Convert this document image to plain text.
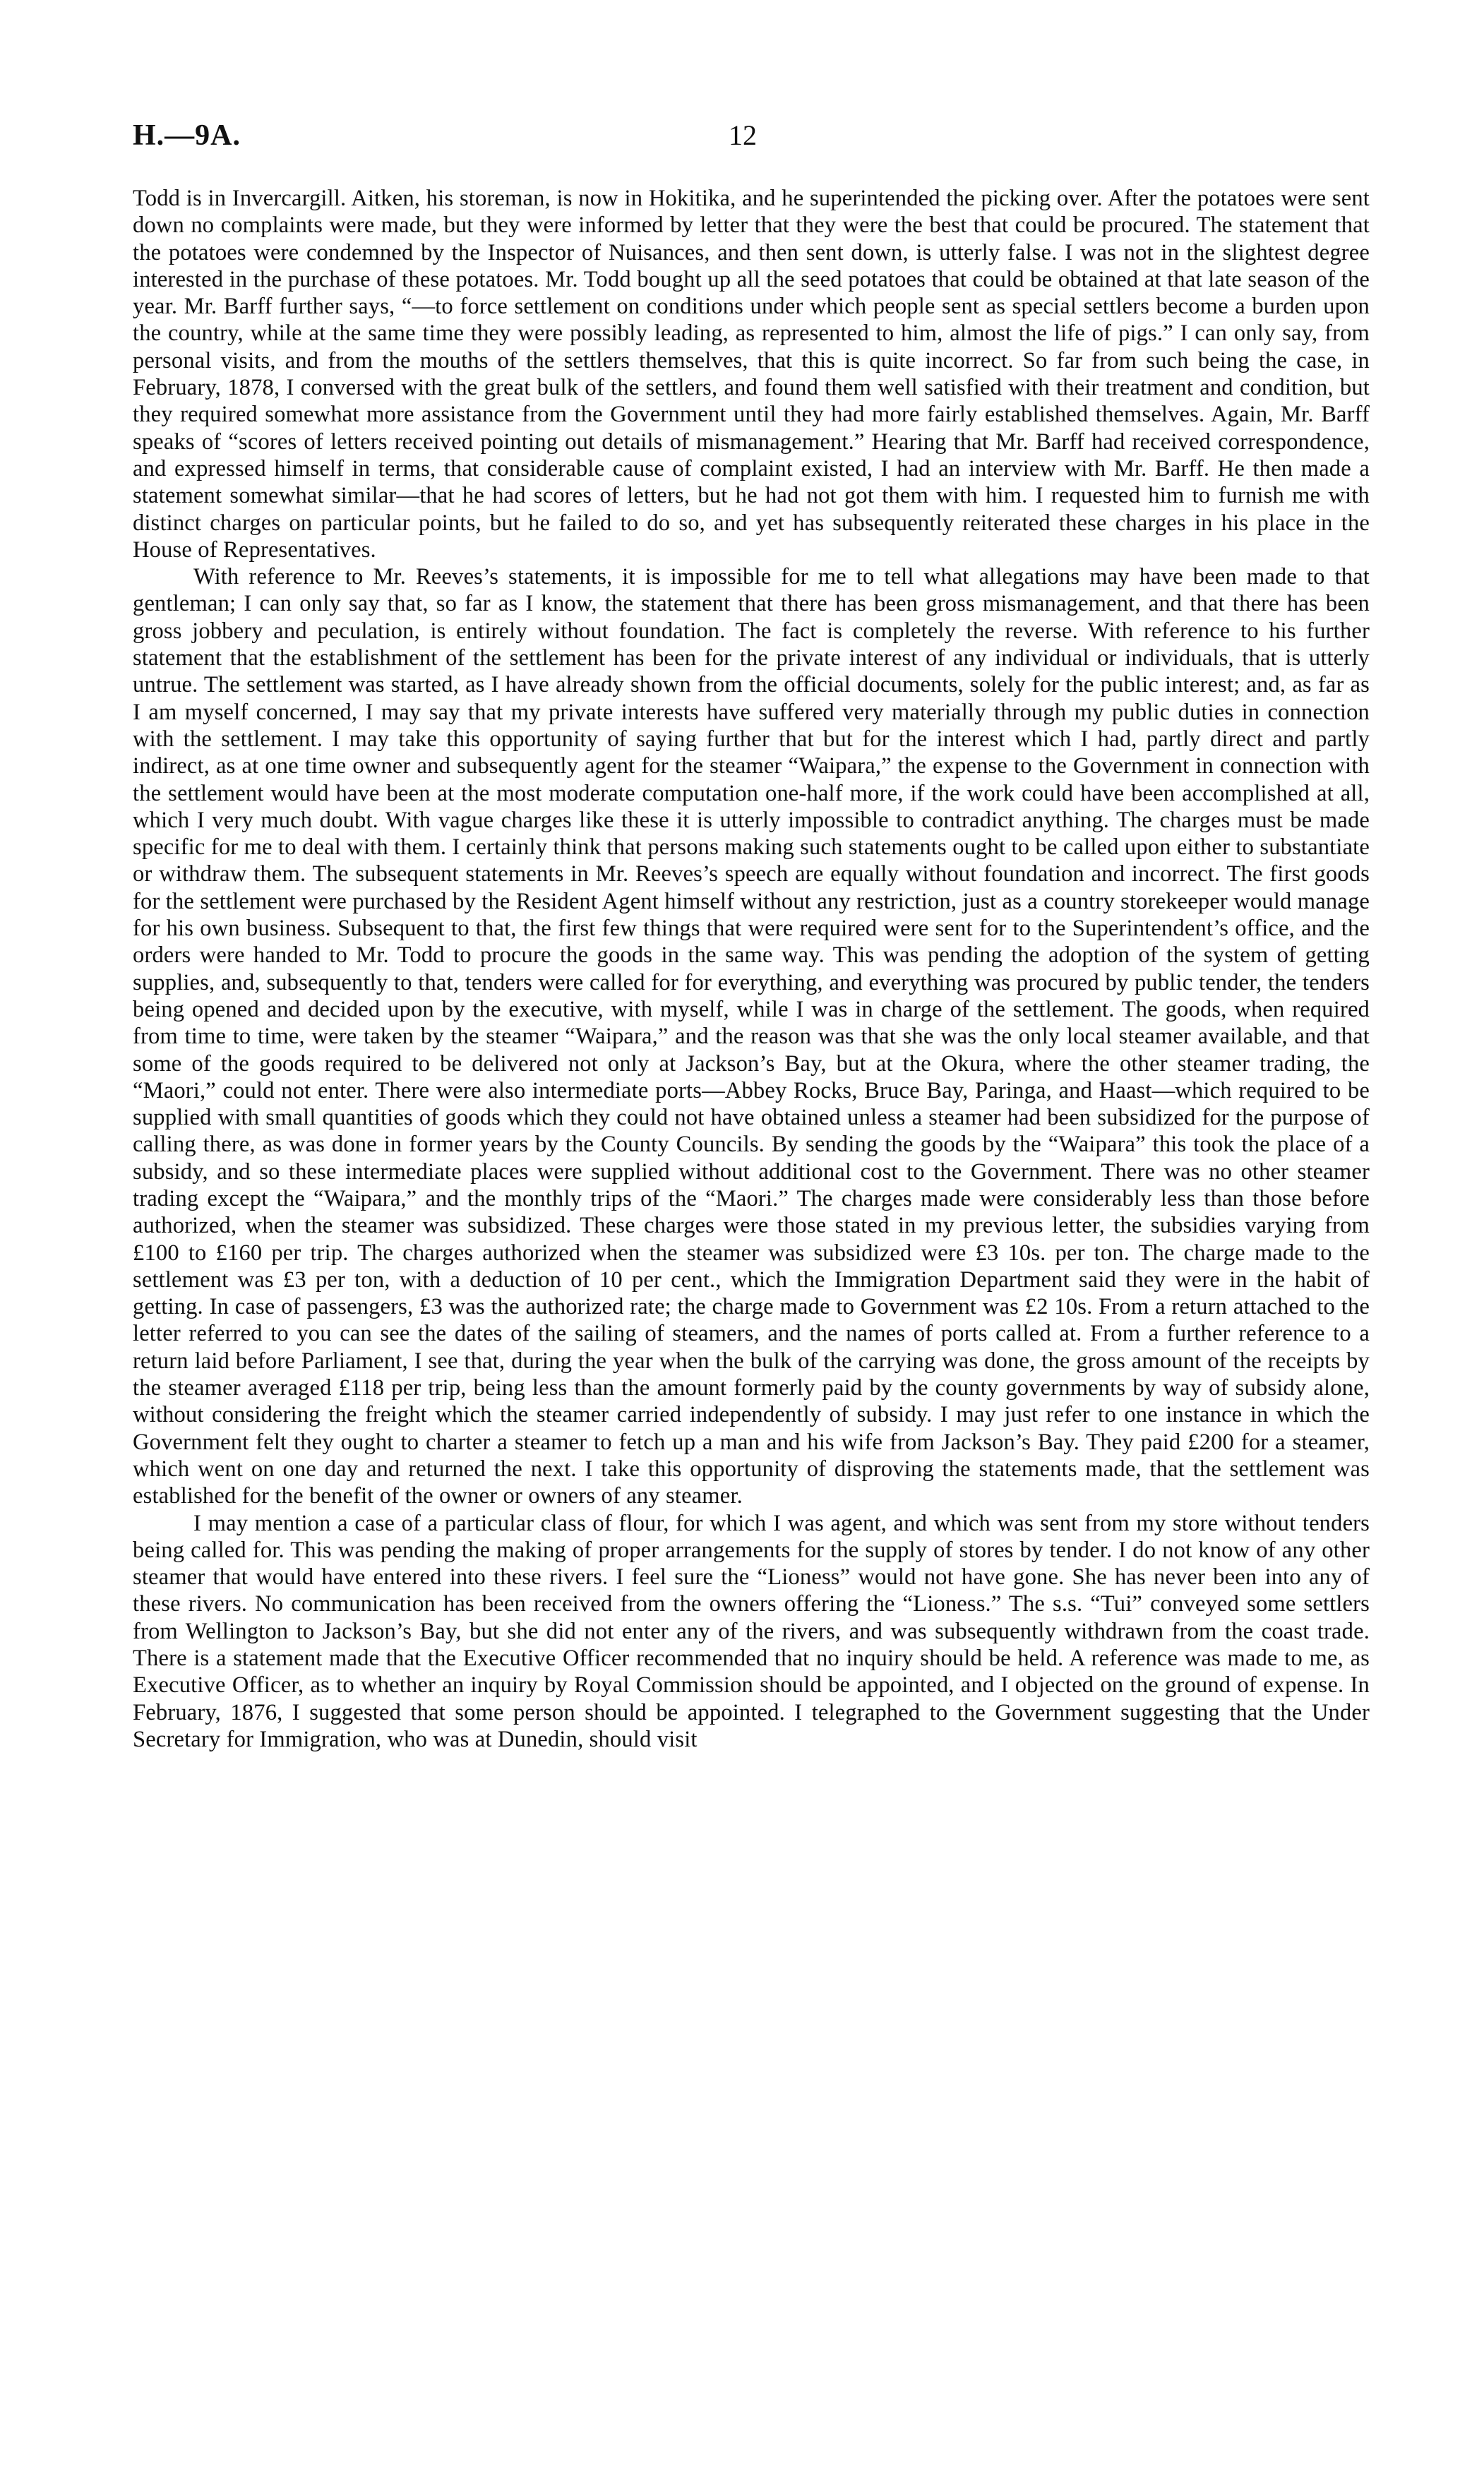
H.—9A.	12

Todd is in Invercargill. Aitken, his storeman, is now in Hokitika, and he superintended the picking over. After the potatoes were sent down no complaints were made, but they were informed by letter that they were the best that could be procured. The statement that the potatoes were condemned by the Inspector of Nuisances, and then sent down, is utterly false. I was not in the slightest degree interested in the purchase of these potatoes. Mr. Todd bought up all the seed potatoes that could be obtained at that late season of the year. Mr. Barff further says, “—to force settlement on conditions under which people sent as special settlers become a burden upon the country, while at the same time they were possibly leading, as represented to him, almost the life of pigs.” I can only say, from personal visits, and from the mouths of the settlers themselves, that this is quite incorrect. So far from such being the case, in February, 1878, I conversed with the great bulk of the settlers, and found them well satisfied with their treatment and condition, but they required somewhat more assistance from the Government until they had more fairly established themselves. Again, Mr. Barff speaks of “scores of letters received pointing out details of mismanagement.” Hearing that Mr. Barff had received correspondence, and expressed himself in terms, that considerable cause of complaint existed, I had an interview with Mr. Barff. He then made a statement somewhat similar—that he had scores of letters, but he had not got them with him. I requested him to furnish me with distinct charges on particular points, but he failed to do so, and yet has subsequently reiterated these charges in his place in the House of Representatives.

With reference to Mr. Reeves’s statements, it is impossible for me to tell what allegations may have been made to that gentleman; I can only say that, so far as I know, the statement that there has been gross mismanagement, and that there has been gross jobbery and peculation, is entirely without foundation. The fact is completely the reverse. With reference to his further statement that the establishment of the settlement has been for the private interest of any individual or individuals, that is utterly untrue. The settlement was started, as I have already shown from the official documents, solely for the public interest; and, as far as I am myself concerned, I may say that my private interests have suffered very materially through my public duties in connection with the settlement. I may take this opportunity of saying further that but for the interest which I had, partly direct and partly indirect, as at one time owner and subsequently agent for the steamer “Waipara,” the expense to the Government in connection with the settlement would have been at the most moderate computation one-half more, if the work could have been accomplished at all, which I very much doubt. With vague charges like these it is utterly impossible to contradict anything. The charges must be made specific for me to deal with them. I certainly think that persons making such statements ought to be called upon either to substantiate or withdraw them. The subsequent statements in Mr. Reeves’s speech are equally without foundation and incorrect. The first goods for the settlement were purchased by the Resident Agent himself without any restriction, just as a country storekeeper would manage for his own business. Subsequent to that, the first few things that were required were sent for to the Superintendent’s office, and the orders were handed to Mr. Todd to procure the goods in the same way. This was pending the adoption of the system of getting supplies, and, subsequently to that, tenders were called for for everything, and everything was procured by public tender, the tenders being opened and decided upon by the executive, with myself, while I was in charge of the settlement. The goods, when required from time to time, were taken by the steamer “Waipara,” and the reason was that she was the only local steamer available, and that some of the goods required to be delivered not only at Jackson’s Bay, but at the Okura, where the other steamer trading, the “Maori,” could not enter. There were also intermediate ports—Abbey Rocks, Bruce Bay, Paringa, and Haast—which required to be supplied with small quantities of goods which they could not have obtained unless a steamer had been subsidized for the purpose of calling there, as was done in former years by the County Councils. By sending the goods by the “Waipara” this took the place of a subsidy, and so these intermediate places were supplied without additional cost to the Government. There was no other steamer trading except the “Waipara,” and the monthly trips of the “Maori.” The charges made were considerably less than those before authorized, when the steamer was subsidized. These charges were those stated in my previous letter, the subsidies varying from £100 to £160 per trip. The charges authorized when the steamer was subsidized were £3 10s. per ton. The charge made to the settlement was £3 per ton, with a deduction of 10 per cent., which the Immigration Department said they were in the habit of getting. In case of passengers, £3 was the authorized rate; the charge made to Government was £2 10s. From a return attached to the letter referred to you can see the dates of the sailing of steamers, and the names of ports called at. From a further reference to a return laid before Parliament, I see that, during the year when the bulk of the carrying was done, the gross amount of the receipts by the steamer averaged £118 per trip, being less than the amount formerly paid by the county governments by way of subsidy alone, without considering the freight which the steamer carried independently of subsidy. I may just refer to one instance in which the Government felt they ought to charter a steamer to fetch up a man and his wife from Jackson’s Bay. They paid £200 for a steamer, which went on one day and returned the next. I take this opportunity of disproving the statements made, that the settlement was established for the benefit of the owner or owners of any steamer.

I may mention a case of a particular class of flour, for which I was agent, and which was sent from my store without tenders being called for. This was pending the making of proper arrangements for the supply of stores by tender. I do not know of any other steamer that would have entered into these rivers. I feel sure the “Lioness” would not have gone. She has never been into any of these rivers. No communication has been received from the owners offering the “Lioness.” The s.s. “Tui” conveyed some settlers from Wellington to Jackson’s Bay, but she did not enter any of the rivers, and was subsequently withdrawn from the coast trade. There is a statement made that the Executive Officer recommended that no inquiry should be held. A reference was made to me, as Executive Officer, as to whether an inquiry by Royal Commission should be appointed, and I objected on the ground of expense. In February, 1876, I suggested that some person should be appointed. I telegraphed to the Government suggesting that the Under Secretary for Immigration, who was at Dunedin, should visit
